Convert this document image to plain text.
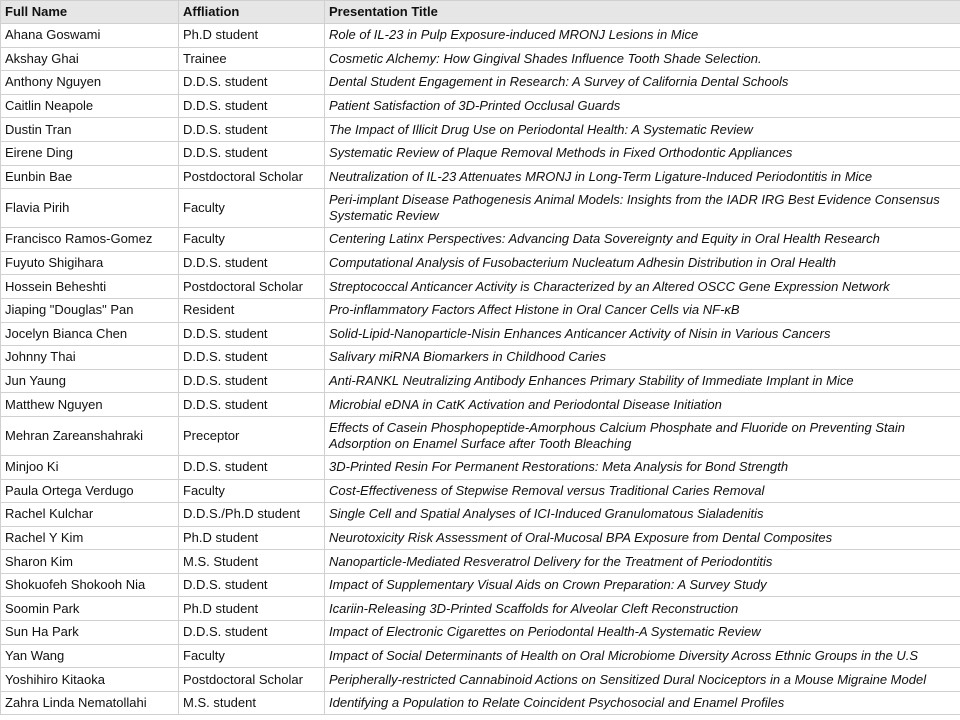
Full Name	Affliation	Presentation Title
Ahana Goswami	Ph.D student	Role of IL-23 in Pulp Exposure-induced MRONJ Lesions in Mice
Akshay Ghai	Trainee	Cosmetic Alchemy: How Gingival Shades Influence Tooth Shade Selection.
Anthony Nguyen	D.D.S. student	Dental Student Engagement in Research: A Survey of California Dental Schools
Caitlin Neapole	D.D.S. student	Patient Satisfaction of 3D-Printed Occlusal Guards
Dustin Tran	D.D.S. student	The Impact of Illicit Drug Use on Periodontal Health: A Systematic Review
Eirene Ding	D.D.S. student	Systematic Review of Plaque Removal Methods in Fixed Orthodontic Appliances
Eunbin Bae	Postdoctoral Scholar	Neutralization of IL-23 Attenuates MRONJ in Long-Term Ligature-Induced Periodontitis in Mice
Flavia Pirih	Faculty	Peri-implant Disease Pathogenesis Animal Models: Insights from the IADR IRG Best Evidence Consensus Systematic Review
Francisco Ramos-Gomez	Faculty	Centering Latinx Perspectives: Advancing Data Sovereignty and Equity in Oral Health Research
Fuyuto Shigihara	D.D.S. student	Computational Analysis of Fusobacterium Nucleatum Adhesin Distribution in Oral Health
Hossein Beheshti	Postdoctoral Scholar	Streptococcal Anticancer Activity is Characterized by an Altered OSCC Gene Expression Network
Jiaping "Douglas" Pan	Resident	Pro-inflammatory Factors Affect Histone in Oral Cancer Cells via NF-κB
Jocelyn Bianca Chen	D.D.S. student	Solid-Lipid-Nanoparticle-Nisin Enhances Anticancer Activity of Nisin in Various Cancers
Johnny Thai	D.D.S. student	Salivary miRNA Biomarkers in Childhood Caries
Jun Yaung	D.D.S. student	Anti-RANKL Neutralizing Antibody Enhances Primary Stability of Immediate Implant in Mice
Matthew Nguyen	D.D.S. student	Microbial eDNA in CatK Activation and Periodontal Disease Initiation
Mehran Zareanshahraki	Preceptor	Effects of Casein Phosphopeptide-Amorphous Calcium Phosphate and Fluoride on Preventing Stain Adsorption on Enamel Surface after Tooth Bleaching
Minjoo Ki	D.D.S. student	3D-Printed Resin For Permanent Restorations: Meta Analysis for Bond Strength
Paula Ortega Verdugo	Faculty	Cost-Effectiveness of Stepwise Removal versus Traditional Caries Removal
Rachel Kulchar	D.D.S./Ph.D student	Single Cell and Spatial Analyses of ICI-Induced Granulomatous Sialadenitis
Rachel Y Kim	Ph.D student	Neurotoxicity Risk Assessment of Oral-Mucosal BPA Exposure from Dental Composites
Sharon Kim	M.S. Student	Nanoparticle-Mediated Resveratrol Delivery for the Treatment of Periodontitis
Shokuofeh Shokooh Nia	D.D.S. student	Impact of Supplementary Visual Aids on Crown Preparation: A Survey Study
Soomin Park	Ph.D student	Icariin-Releasing 3D-Printed Scaffolds for Alveolar Cleft Reconstruction
Sun Ha Park	D.D.S. student	Impact of Electronic Cigarettes on Periodontal Health-A Systematic Review
Yan Wang	Faculty	Impact of Social Determinants of Health on Oral Microbiome Diversity Across Ethnic Groups in the U.S
Yoshihiro Kitaoka	Postdoctoral Scholar	Peripherally-restricted Cannabinoid Actions on Sensitized Dural Nociceptors in a Mouse Migraine Model
Zahra Linda Nematollahi	M.S. student	Identifying a Population to Relate Coincident Psychosocial and Enamel Profiles
